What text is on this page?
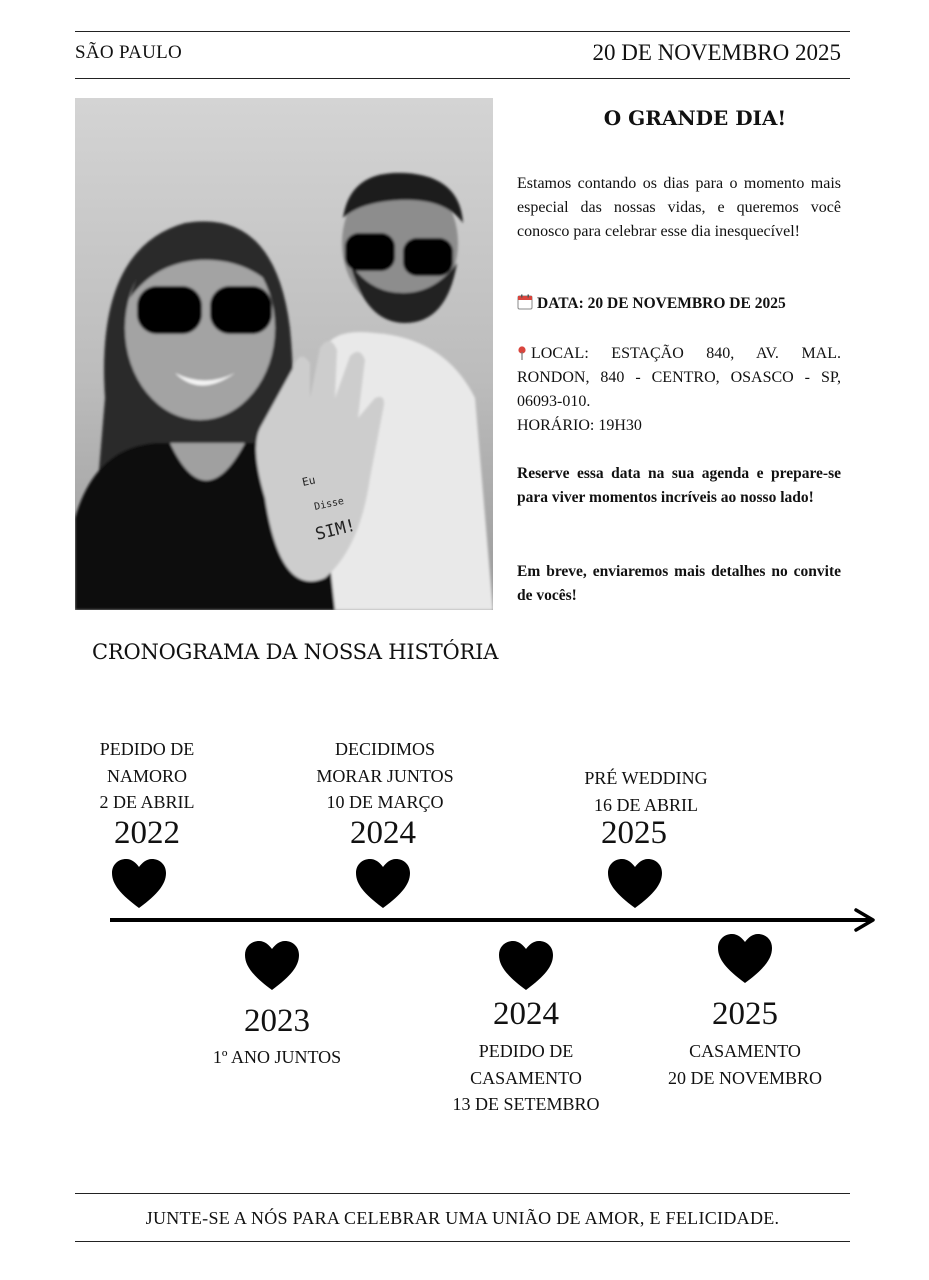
SÃO PAULO	20 DE NOVEMBRO 2025
Eu
Disse
SIM!
O GRANDE DIA!
Estamos contando os dias para o momento mais especial das nossas vidas, e queremos você conosco para celebrar esse dia inesquecível!
DATA: 20 DE NOVEMBRO DE 2025
LOCAL: ESTAÇÃO 840, AV. MAL. RONDON, 840 - CENTRO, OSASCO - SP, 06093-010.
HORÁRIO: 19H30
Reserve essa data na sua agenda e prepare-se para viver momentos incríveis ao nosso lado!
Em breve, enviaremos mais detalhes no convite de vocês!
CRONOGRAMA DA NOSSA HISTÓRIA
PEDIDO DE
NAMORO
2 DE ABRIL
2022
DECIDIMOS
MORAR JUNTOS
10 DE MARÇO
2024
PRÉ WEDDING
16 DE ABRIL
2025
2023
1º ANO JUNTOS
2024
PEDIDO DE
CASAMENTO
13 DE SETEMBRO
2025
CASAMENTO
20 DE NOVEMBRO
JUNTE-SE A NÓS PARA CELEBRAR UMA UNIÃO DE AMOR, E FELICIDADE.
